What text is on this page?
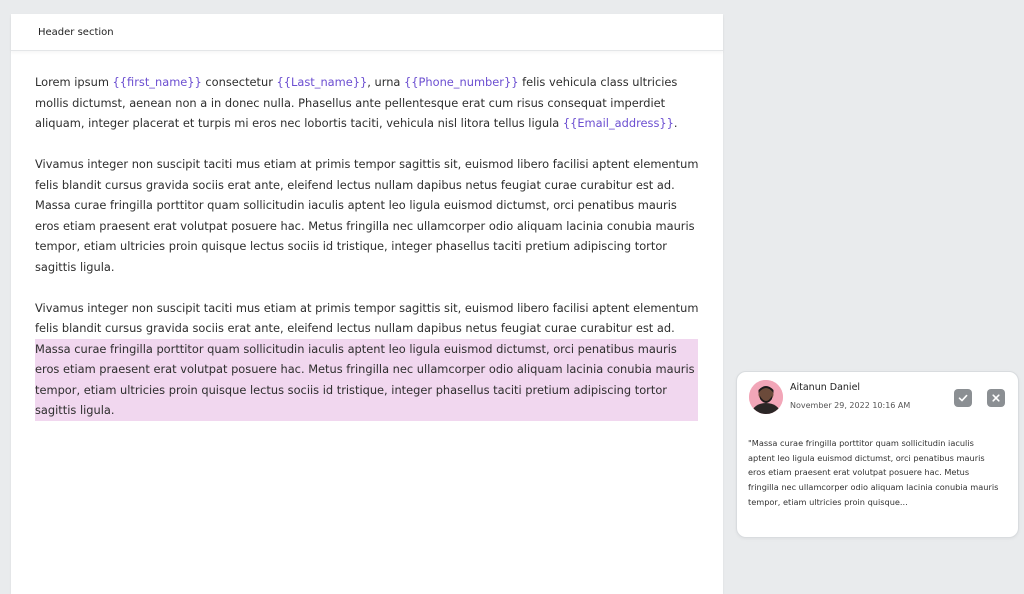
Header section

Lorem ipsum {{first_name}} consectetur {{Last_name}}, urna {{Phone_number}} felis vehicula class ultricies mollis dictumst, aenean non a in donec nulla. Phasellus ante pellentesque erat cum risus consequat imperdiet aliquam, integer placerat et turpis mi eros nec lobortis taciti, vehicula nisl litora tellus ligula {{Email_address}}.

Vivamus integer non suscipit taciti mus etiam at primis tempor sagittis sit, euismod libero facilisi aptent elementum felis blandit cursus gravida sociis erat ante, eleifend lectus nullam dapibus netus feugiat curae curabitur est ad. Massa curae fringilla porttitor quam sollicitudin iaculis aptent leo ligula euismod dictumst, orci penatibus mauris eros etiam praesent erat volutpat posuere hac. Metus fringilla nec ullamcorper odio aliquam lacinia conubia mauris tempor, etiam ultricies proin quisque lectus sociis id tristique, integer phasellus taciti pretium adipiscing tortor sagittis ligula.

Vivamus integer non suscipit taciti mus etiam at primis tempor sagittis sit, euismod libero facilisi aptent elementum felis blandit cursus gravida sociis erat ante, eleifend lectus nullam dapibus netus feugiat curae curabitur est ad.

Massa curae fringilla porttitor quam sollicitudin iaculis aptent leo ligula euismod dictumst, orci penatibus mauris eros etiam praesent erat volutpat posuere hac. Metus fringilla nec ullamcorper odio aliquam lacinia conubia mauris tempor, etiam ultricies proin quisque lectus sociis id tristique, integer phasellus taciti pretium adipiscing tortor sagittis ligula.
Aitanun Daniel
November 29, 2022 10:16 AM
"Massa curae fringilla porttitor quam sollicitudin iaculis aptent leo ligula euismod dictumst, orci penatibus mauris eros etiam praesent erat volutpat posuere hac. Metus fringilla nec ullamcorper odio aliquam lacinia conubia mauris tempor, etiam ultricies proin quisque...
